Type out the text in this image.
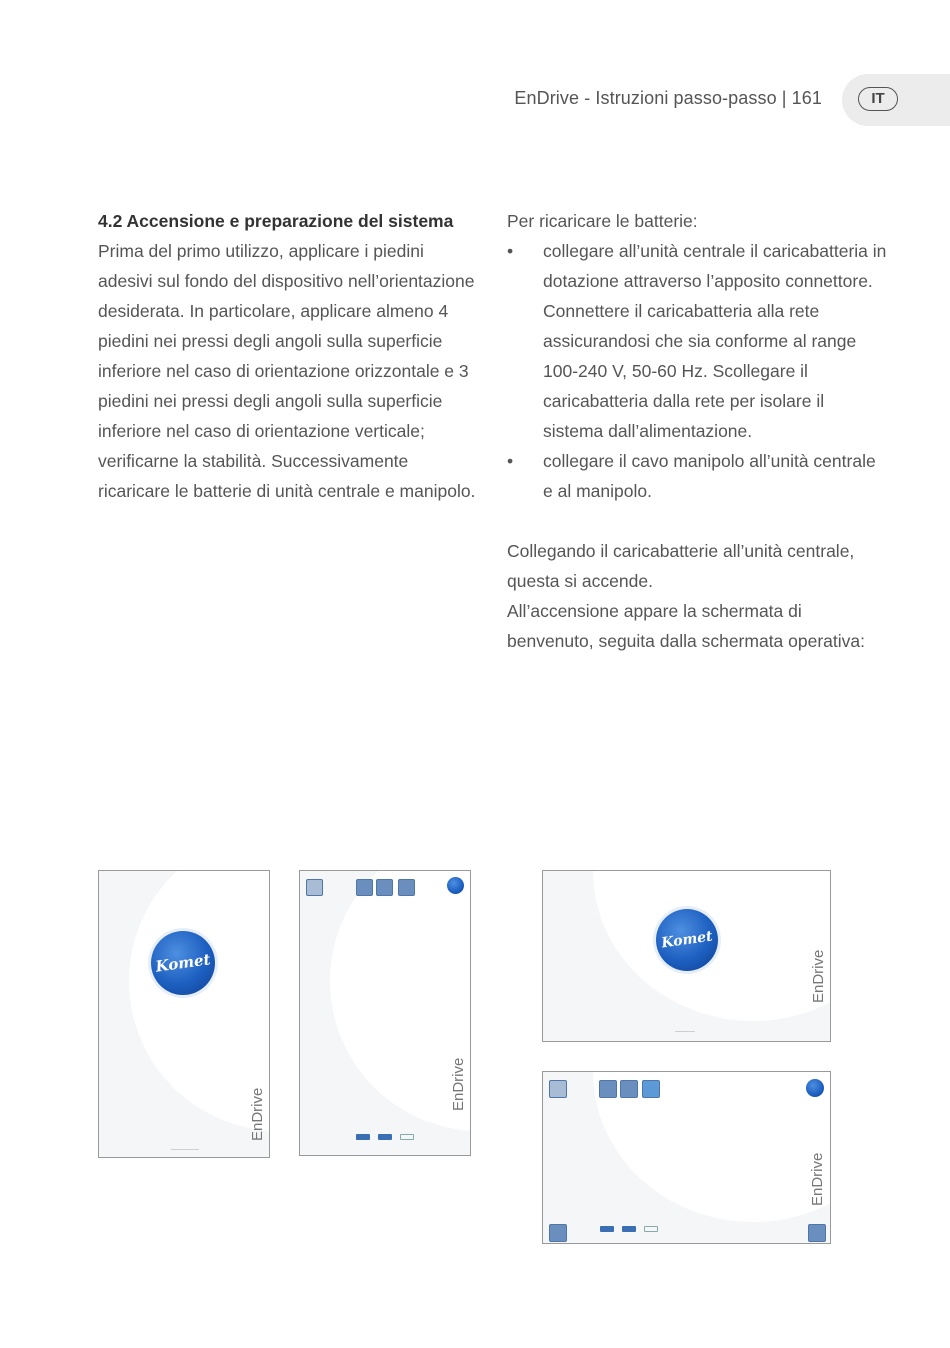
EnDrive - Istruzioni passo-passo | 161	IT

4.2 Accensione e preparazione del sistema

Prima del primo utilizzo, applicare i piedini adesivi sul fondo del dispositivo nell’orientazione desiderata. In particolare, applicare almeno 4 piedini nei pressi degli angoli sulla superficie inferiore nel caso di orientazione orizzontale e 3 piedini nei pressi degli angoli sulla superficie inferiore nel caso di orientazione verticale; verificarne la stabilità. Successivamente ricaricare le batterie di unità centrale e manipolo.

Per ricaricare le batterie:

• collegare all’unità centrale il caricabatteria in dotazione attraverso l’apposito connettore. Connettere il caricabatteria alla rete assicurandosi che sia conforme al range 100-240 V, 50-60 Hz. Scollegare il caricabatteria dalla rete per isolare il sistema dall’alimentazione.
• collegare il cavo manipolo all’unità centrale e al manipolo.

Collegando il caricabatterie all’unità centrale, questa si accende.

All’accensione appare la schermata di benvenuto, seguita dalla schermata operativa:

Komet
EnDrive
EnDrive
Komet
EnDrive
EnDrive
